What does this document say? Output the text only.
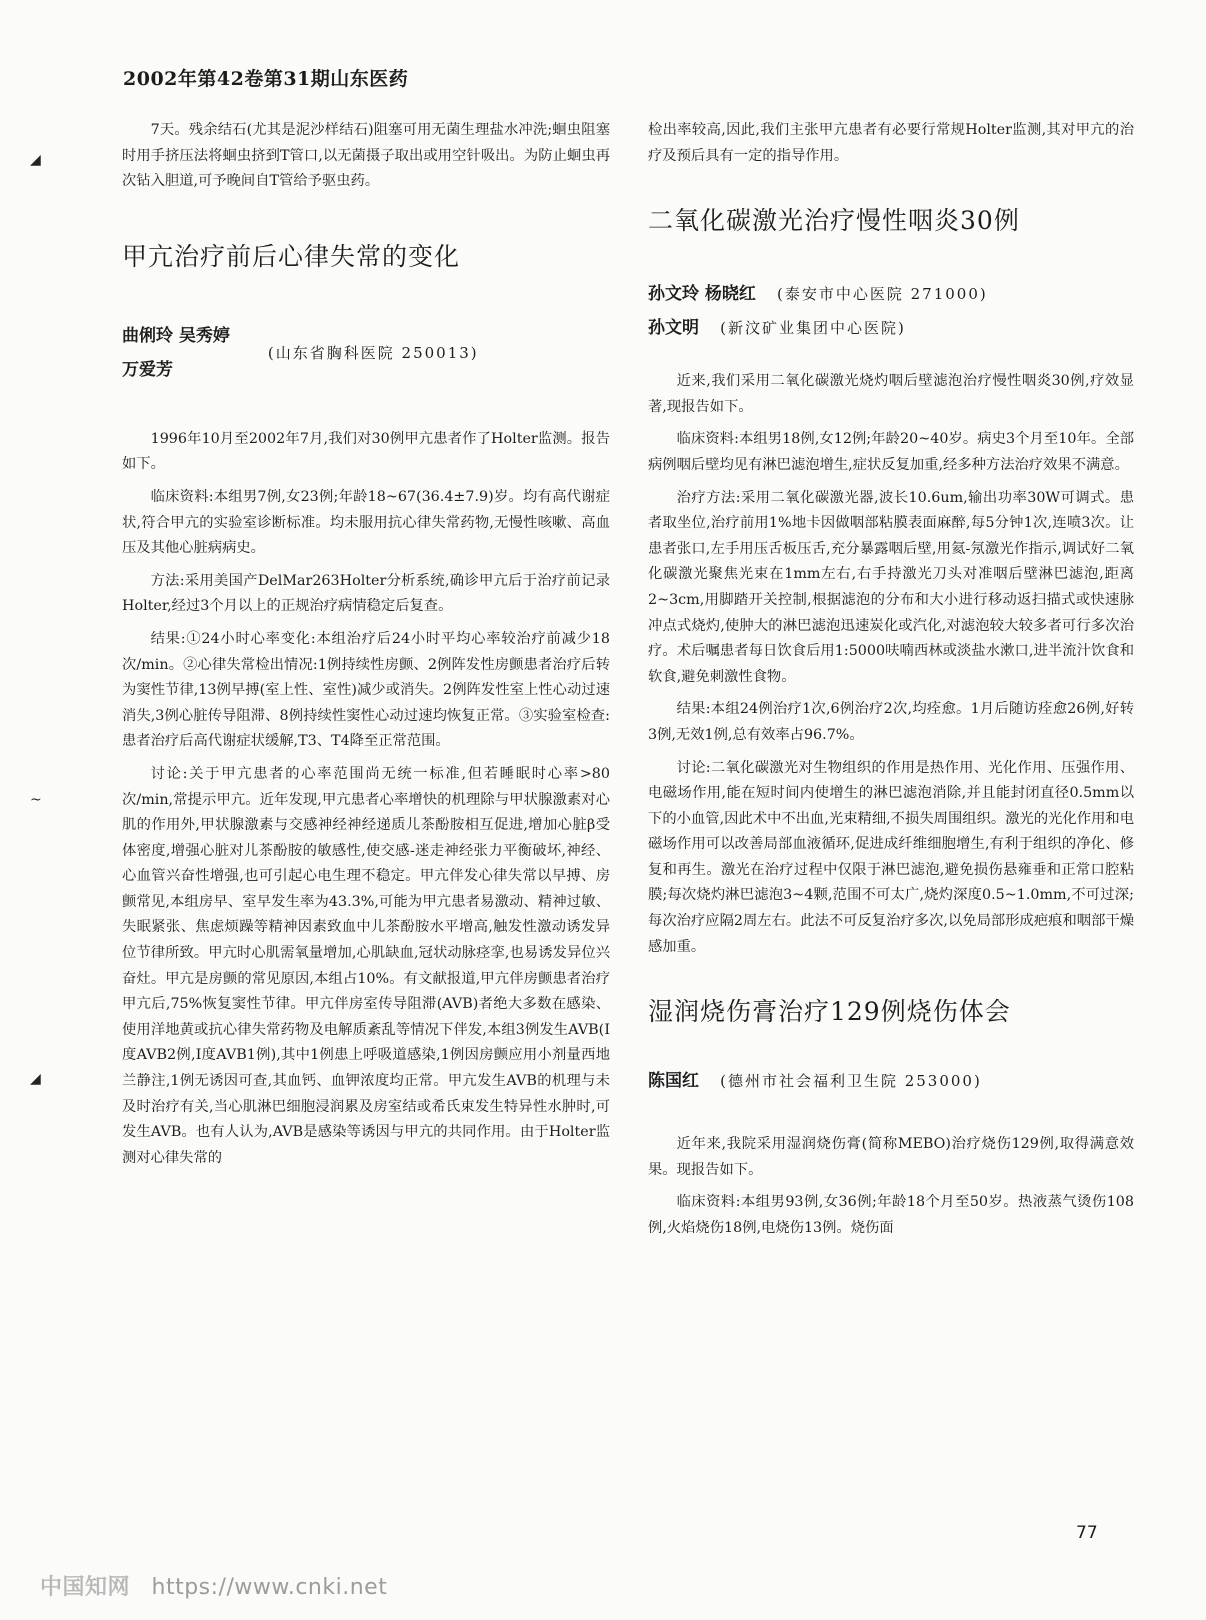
2002年第42卷第31期山东医药
◢
~
◢

7天。残余结石(尤其是泥沙样结石)阻塞可用无菌生理盐水冲洗;蛔虫阻塞时用手挤压法将蛔虫挤到T管口,以无菌摄子取出或用空针吸出。为防止蛔虫再次钻入胆道,可予晚间自T管给予驱虫药。

甲亢治疗前后心律失常的变化
曲俐玲 吴秀婷
万爱芳
(山东省胸科医院 250013)

1996年10月至2002年7月,我们对30例甲亢患者作了Holter监测。报告如下。

临床资料:本组男7例,女23例;年龄18~67(36.4±7.9)岁。均有高代谢症状,符合甲亢的实验室诊断标准。均未服用抗心律失常药物,无慢性咳嗽、高血压及其他心脏病病史。

方法:采用美国产DelMar263Holter分析系统,确诊甲亢后于治疗前记录Holter,经过3个月以上的正规治疗病情稳定后复查。

结果:①24小时心率变化:本组治疗后24小时平均心率较治疗前减少18次/min。②心律失常检出情况:1例持续性房颤、2例阵发性房颤患者治疗后转为窦性节律,13例早搏(室上性、室性)减少或消失。2例阵发性室上性心动过速消失,3例心脏传导阻滞、8例持续性窦性心动过速均恢复正常。③实验室检查:患者治疗后高代谢症状缓解,T3、T4降至正常范围。

讨论:关于甲亢患者的心率范围尚无统一标准,但若睡眠时心率>80次/min,常提示甲亢。近年发现,甲亢患者心率增快的机理除与甲状腺激素对心肌的作用外,甲状腺激素与交感神经神经递质儿茶酚胺相互促进,增加心脏β受体密度,增强心脏对儿茶酚胺的敏感性,使交感-迷走神经张力平衡破坏,神经、心血管兴奋性增强,也可引起心电生理不稳定。甲亢伴发心律失常以早搏、房颤常见,本组房早、室早发生率为43.3%,可能为甲亢患者易激动、精神过敏、失眠紧张、焦虑烦躁等精神因素致血中儿茶酚胺水平增高,触发性激动诱发异位节律所致。甲亢时心肌需氧量增加,心肌缺血,冠状动脉痉挛,也易诱发异位兴奋灶。甲亢是房颤的常见原因,本组占10%。有文献报道,甲亢伴房颤患者治疗甲亢后,75%恢复窦性节律。甲亢伴房室传导阻滞(AVB)者绝大多数在感染、使用洋地黄或抗心律失常药物及电解质紊乱等情况下伴发,本组3例发生AVB(Ⅰ度AVB2例,Ⅰ度AVB1例),其中1例患上呼吸道感染,1例因房颤应用小剂量西地兰静注,1例无诱因可查,其血钙、血钾浓度均正常。甲亢发生AVB的机理与未及时治疗有关,当心肌淋巴细胞浸润累及房室结或希氏束发生特异性水肿时,可发生AVB。也有人认为,AVB是感染等诱因与甲亢的共同作用。由于Holter监测对心律失常的

检出率较高,因此,我们主张甲亢患者有必要行常规Holter监测,其对甲亢的治疗及预后具有一定的指导作用。

二氧化碳激光治疗慢性咽炎30例
孙文玲 杨晓红 (泰安市中心医院 271000)
孙文明 (新汶矿业集团中心医院)

近来,我们采用二氧化碳激光烧灼咽后壁滤泡治疗慢性咽炎30例,疗效显著,现报告如下。

临床资料:本组男18例,女12例;年龄20~40岁。病史3个月至10年。全部病例咽后壁均见有淋巴滤泡增生,症状反复加重,经多种方法治疗效果不满意。

治疗方法:采用二氧化碳激光器,波长10.6um,输出功率30W可调式。患者取坐位,治疗前用1%地卡因做咽部粘膜表面麻醉,每5分钟1次,连喷3次。让患者张口,左手用压舌板压舌,充分暴露咽后壁,用氦-氖激光作指示,调试好二氧化碳激光聚焦光束在1mm左右,右手持激光刀头对准咽后壁淋巴滤泡,距离2~3cm,用脚踏开关控制,根据滤泡的分布和大小进行移动返扫描式或快速脉冲点式烧灼,使肿大的淋巴滤泡迅速炭化或汽化,对滤泡较大较多者可行多次治疗。术后嘱患者每日饮食后用1:5000呋喃西林或淡盐水漱口,进半流汁饮食和软食,避免刺激性食物。

结果:本组24例治疗1次,6例治疗2次,均痊愈。1月后随访痊愈26例,好转3例,无效1例,总有效率占96.7%。

讨论:二氧化碳激光对生物组织的作用是热作用、光化作用、压强作用、电磁场作用,能在短时间内使增生的淋巴滤泡消除,并且能封闭直径0.5mm以下的小血管,因此术中不出血,光束精细,不损失周围组织。激光的光化作用和电磁场作用可以改善局部血液循环,促进成纤维细胞增生,有利于组织的净化、修复和再生。激光在治疗过程中仅限于淋巴滤泡,避免损伤悬雍垂和正常口腔粘膜;每次烧灼淋巴滤泡3~4颗,范围不可太广,烧灼深度0.5~1.0mm,不可过深;每次治疗应隔2周左右。此法不可反复治疗多次,以免局部形成疤痕和咽部干燥感加重。

湿润烧伤膏治疗129例烧伤体会
陈国红 (德州市社会福利卫生院 253000)

近年来,我院采用湿润烧伤膏(简称MEBO)治疗烧伤129例,取得满意效果。现报告如下。

临床资料:本组男93例,女36例;年龄18个月至50岁。热液蒸气烫伤108例,火焰烧伤18例,电烧伤13例。烧伤面

77
中国知网 https://www.cnki.net
